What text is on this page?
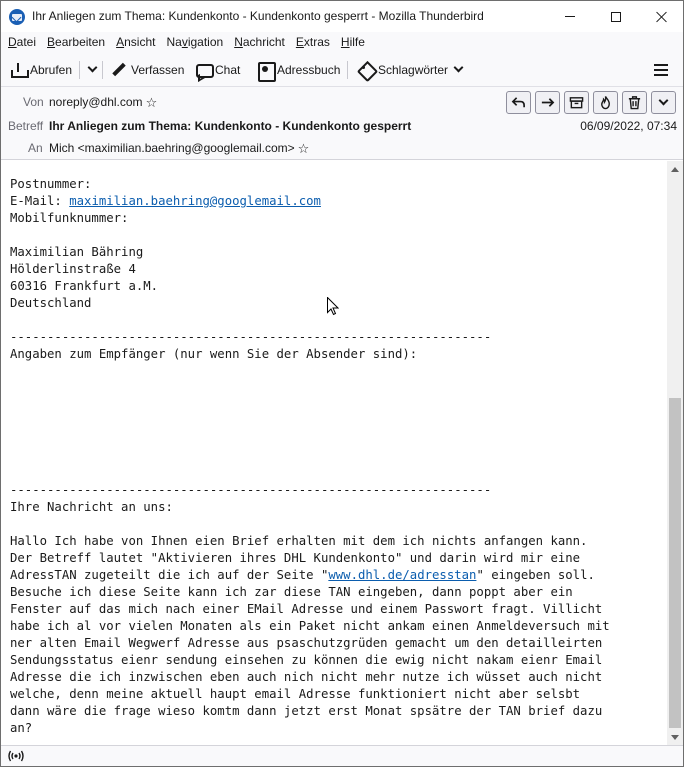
Ihr Anliegen zum Thema: Kundenkonto - Kundenkonto gesperrt - Mozilla Thunderbird
Datei Bearbeiten Ansicht Navigation Nachricht Extras Hilfe
Abrufen	Verfassen	Chat	Adressbuch	Schlagwörter
Von noreply@dhl.com ☆
Betreff Ihr Anliegen zum Thema: Kundenkonto - Kundenkonto gesperrt	06/09/2022, 07:34
An Mich <maximilian.baehring@googlemail.com> ☆
Postnummer:
E-Mail: maximilian.baehring@googlemail.com
Mobilfunknummer:

Maximilian Bähring
Hölderlinstraße 4
60316 Frankfurt a.M.
Deutschland

-----------------------------------------------------------------
Angaben zum Empfänger (nur wenn Sie der Absender sind):

-----------------------------------------------------------------
Ihre Nachricht an uns:

Hallo Ich habe von Ihnen eien Brief erhalten mit dem ich nichts anfangen kann.
Der Betreff lautet "Aktivieren ihres DHL Kundenkonto" und darin wird mir eine
AdressTAN zugeteilt die ich auf der Seite "www.dhl.de/adresstan" eingeben soll.
Besuche ich diese Seite kann ich zar diese TAN eingeben, dann poppt aber ein
Fenster auf das mich nach einer EMail Adresse und einem Passwort fragt. Villicht
habe ich al vor vielen Monaten als ein Paket nicht ankam einen Anmeldeversuch mit
ner alten Email Wegwerf Adresse aus psaschutzgrüden gemacht um den detailleirten
Sendungsstatus eienr sendung einsehen zu können die ewig nicht nakam eienr Email
Adresse die ich inzwischen eben auch nich nicht mehr nutze ich wüsset auch nicht
welche, denn meine aktuell haupt email Adresse funktioniert nicht aber selsbt
dann wäre die frage wieso komtm dann jetzt erst Monat spsätre der TAN brief dazu
an?
